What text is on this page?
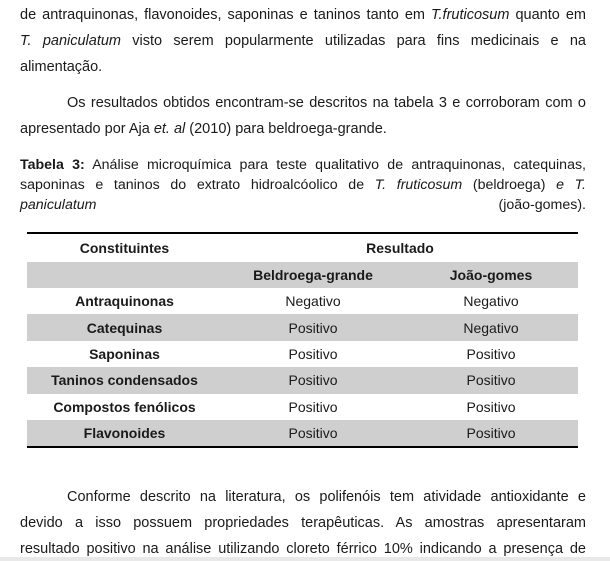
de antraquinonas, flavonoides, saponinas e taninos tanto em T.fruticosum quanto em
T. paniculatum visto serem popularmente utilizadas para fins medicinais e na
alimentação.
Os resultados obtidos encontram-se descritos na tabela 3 e corroboram com o
apresentado por Aja et. al (2010) para beldroega-grande.
Tabela 3: Análise microquímica para teste qualitativo de antraquinonas, catequinas,
saponinas e taninos do extrato hidroalcóolico de T. fruticosum (beldroega) e T.
paniculatum (joão-gomes).
Constituintes	Resultado	
	Beldroega-grande	João-gomes
Antraquinonas	Negativo	Negativo
Catequinas	Positivo	Negativo
Saponinas	Positivo	Positivo
Taninos condensados	Positivo	Positivo
Compostos fenólicos	Positivo	Positivo
Flavonoides	Positivo	Positivo
Conforme descrito na literatura, os polifenóis tem atividade antioxidante e
devido a isso possuem propriedades terapêuticas. As amostras apresentaram
resultado positivo na análise utilizando cloreto férrico 10% indicando a presença de
